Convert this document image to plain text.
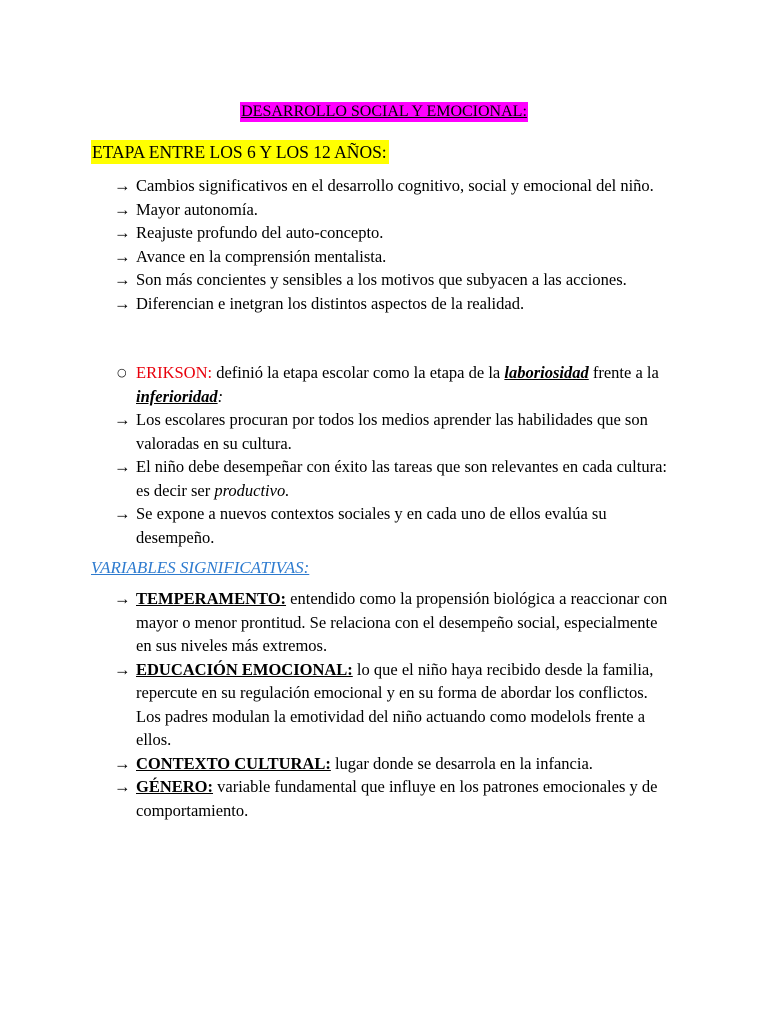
DESARROLLO SOCIAL Y EMOCIONAL:
ETAPA ENTRE LOS 6 Y LOS 12 AÑOS:
→ Cambios significativos en el desarrollo cognitivo, social y emocional del niño.
→ Mayor autonomía.
→ Reajuste profundo del auto-concepto.
→ Avance en la comprensión mentalista.
→ Son más concientes y sensibles a los motivos que subyacen a las acciones.
→ Diferencian e inetgran los distintos aspectos de la realidad.
○ ERIKSON: definió la etapa escolar como la etapa de la laboriosidad frente a la inferioridad:
→ Los escolares procuran por todos los medios aprender las habilidades que son valoradas en su cultura.
→ El niño debe desempeñar con éxito las tareas que son relevantes en cada cultura: es decir ser productivo.
→ Se expone a nuevos contextos sociales y en cada uno de ellos evalúa su desempeño.
VARIABLES SIGNIFICATIVAS:
→ TEMPERAMENTO: entendido como la propensión biológica a reaccionar con mayor o menor prontitud. Se relaciona con el desempeño social, especialmente en sus niveles más extremos.
→ EDUCACIÓN EMOCIONAL: lo que el niño haya recibido desde la familia, repercute en su regulación emocional y en su forma de abordar los conflictos. Los padres modulan la emotividad del niño actuando como modelols frente a ellos.
→ CONTEXTO CULTURAL: lugar donde se desarrola en la infancia.
→ GÉNERO: variable fundamental que influye en los patrones emocionales y de comportamiento.
